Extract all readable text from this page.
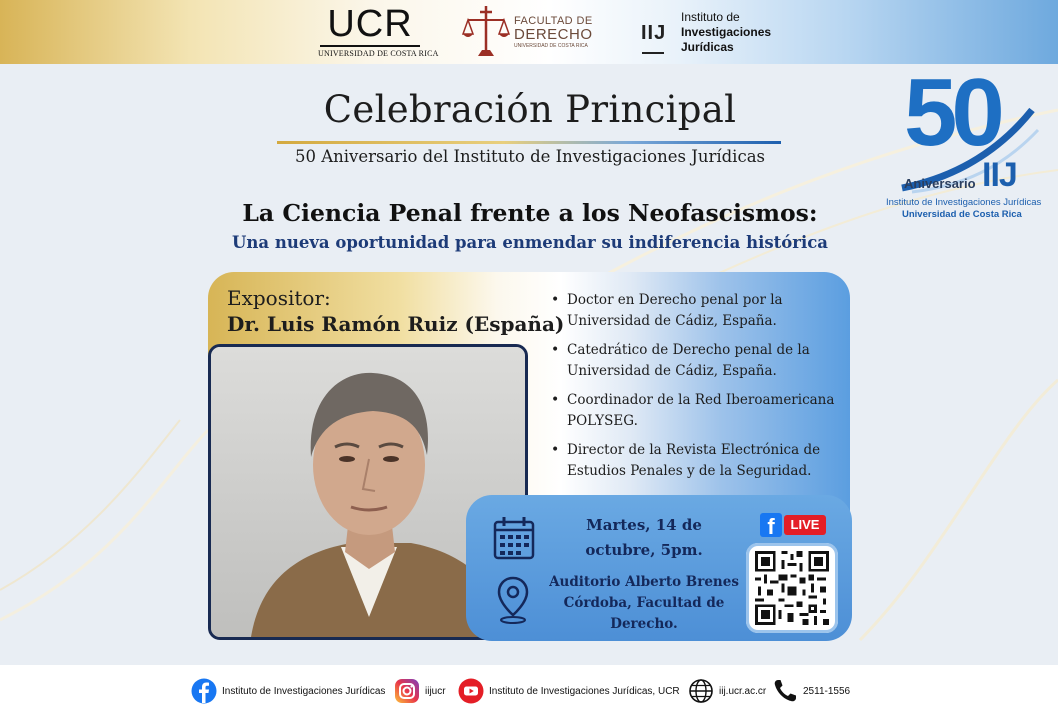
UCR
UNIVERSIDAD DE COSTA RICA
FACULTAD DE
DERECHO
UNIVERSIDAD DE COSTA RICA
IIJ
Instituto de
Investigaciones
Jurídicas
50
IIJ
Aniversario
Instituto de Investigaciones Jurídicas
Universidad de Costa Rica
Celebración Principal
50 Aniversario del Instituto de Investigaciones Jurídicas
La Ciencia Penal frente a los Neofascismos:
Una nueva oportunidad para enmendar su indiferencia histórica
Expositor:
Dr. Luis Ramón Ruiz (España)
• Doctor en Derecho penal por la Universidad de Cádiz, España.
• Catedrático de Derecho penal de la Universidad de Cádiz, España.
• Coordinador de la Red Iberoamericana POLYSEG.
• Director de la Revista Electrónica de Estudios Penales y de la Seguridad.
Martes, 14 de octubre, 5pm.
Auditorio Alberto Brenes Córdoba, Facultad de Derecho.
f	LIVE
Instituto de Investigaciones Jurídicas	iijucr	Instituto de Investigaciones Jurídicas, UCR	iij.ucr.ac.cr	2511-1556
